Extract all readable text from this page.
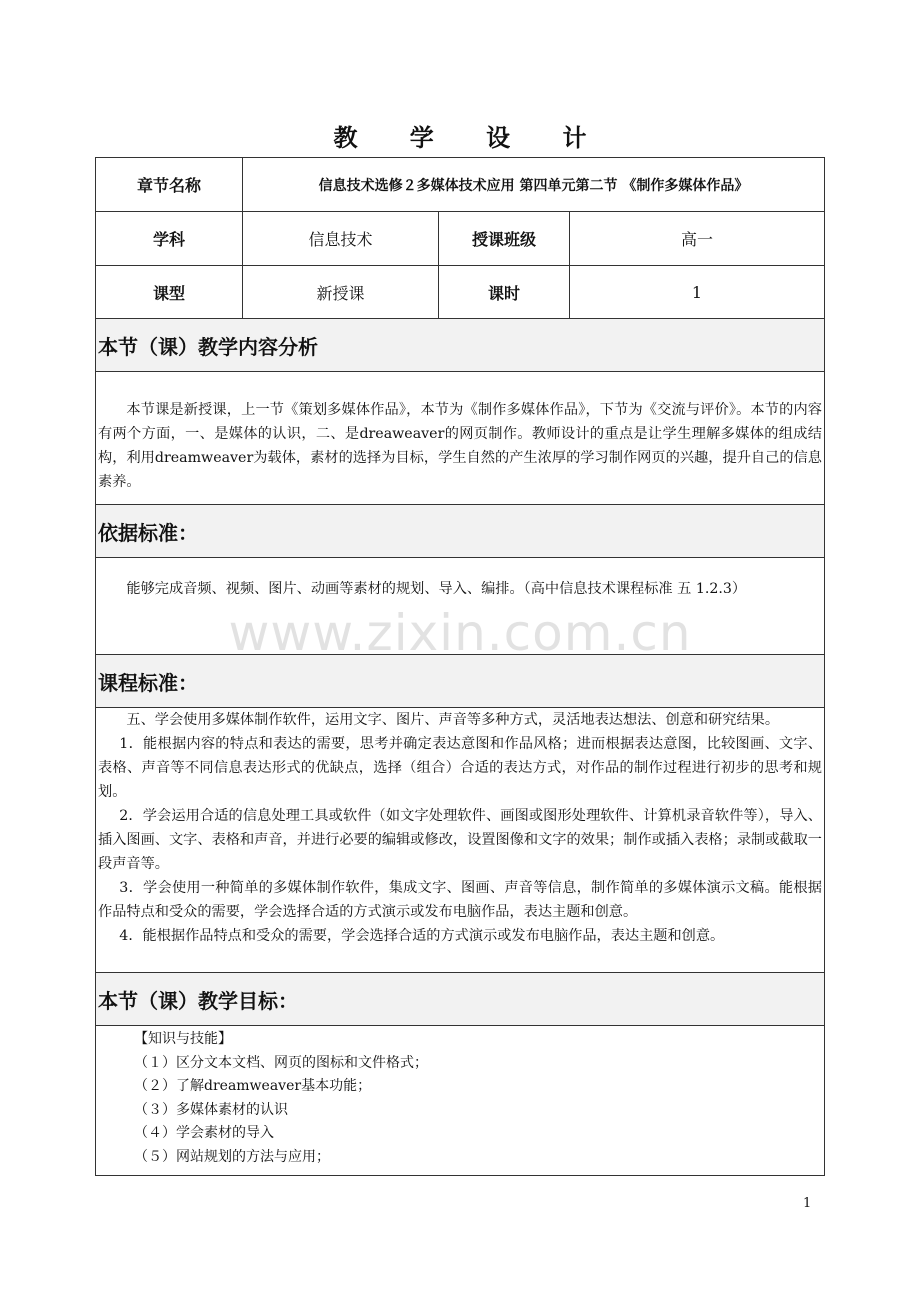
教 学 设 计
章节名称	信息技术选修２多媒体技术应用 第四单元第二节 《制作多媒体作品》
学科	信息技术	授课班级	高一
课型	新授课	课时	1
本节（课）教学内容分析

本节课是新授课，上一节《策划多媒体作品》，本节为《制作多媒体作品》，下节为《交流与评价》。本节的内容有两个方面，一、是媒体的认识，二、是dreaweaver的网页制作。教师设计的重点是让学生理解多媒体的组成结构，利用dreamweaver为载体，素材的选择为目标，学生自然的产生浓厚的学习制作网页的兴趣，提升自己的信息素养。

依据标准：

能够完成音频、视频、图片、动画等素材的规划、导入、编排。（高中信息技术课程标准 五 1.2.3）

课程标准：

五、学会使用多媒体制作软件，运用文字、图片、声音等多种方式，灵活地表达想法、创意和研究结果。

1．能根据内容的特点和表达的需要，思考并确定表达意图和作品风格；进而根据表达意图，比较图画、文字、表格、声音等不同信息表达形式的优缺点，选择（组合）合适的表达方式，对作品的制作过程进行初步的思考和规划。

2．学会运用合适的信息处理工具或软件（如文字处理软件、画图或图形处理软件、计算机录音软件等），导入、插入图画、文字、表格和声音，并进行必要的编辑或修改，设置图像和文字的效果；制作或插入表格；录制或截取一段声音等。

3．学会使用一种简单的多媒体制作软件，集成文字、图画、声音等信息，制作简单的多媒体演示文稿。能根据作品特点和受众的需要，学会选择合适的方式演示或发布电脑作品，表达主题和创意。

4．能根据作品特点和受众的需要，学会选择合适的方式演示或发布电脑作品，表达主题和创意。

本节（课）教学目标：
【知识与技能】
（１）区分文本文档、网页的图标和文件格式；
（２）了解dreamweaver基本功能；
（３）多媒体素材的认识
（４）学会素材的导入
（５）网站规划的方法与应用；
www.zixin.com.cn
1
